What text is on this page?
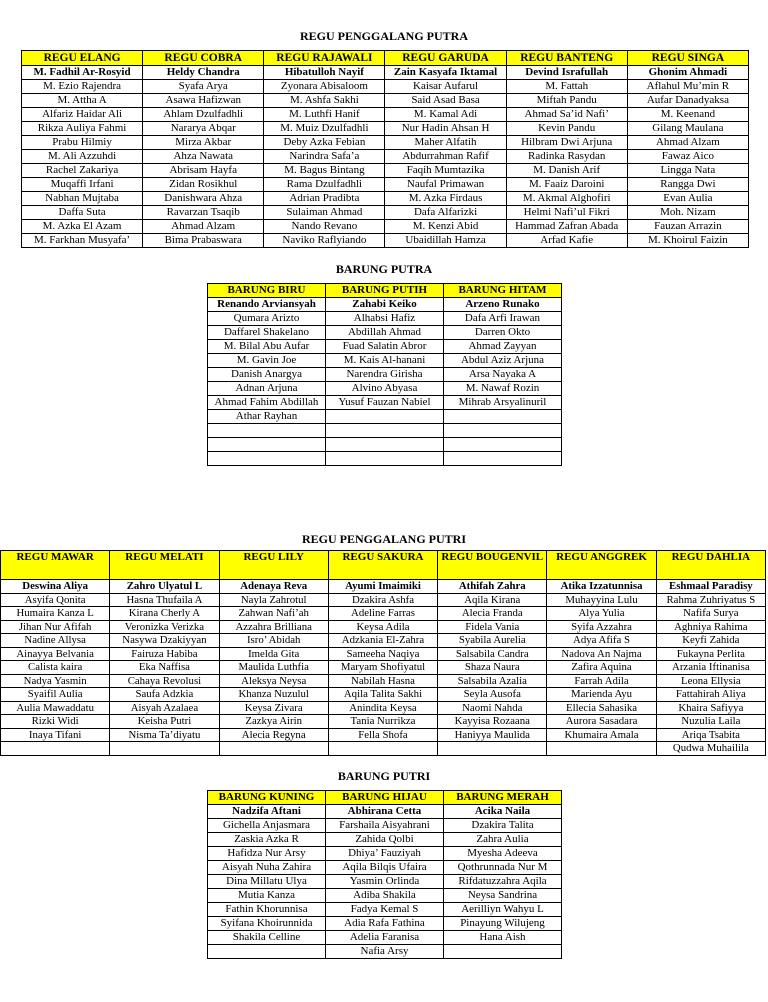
REGU PENGGALANG PUTRA
REGU ELANG	REGU COBRA	REGU RAJAWALI	REGU GARUDA	REGU BANTENG	REGU SINGA
M. Fadhil Ar-Rosyid	Heldy Chandra	Hibatulloh Nayif	Zain Kasyafa Iktamal	Devind Israfullah	Ghonim Ahmadi
M. Ezio Rajendra	Syafa Arya	Zyonara Abisaloom	Kaisar Aufarul	M. Fattah	Aflahul Mu’min R
M. Attha A	Asawa Hafizwan	M. Ashfa Sakhi	Said Asad Basa	Miftah Pandu	Aufar Danadyaksa
Alfariz Haidar Ali	Ahlam Dzulfadhli	M. Luthfi Hanif	M. Kamal Adi	Ahmad Sa’id Nafi’	M. Keenand
Rikza Auliya Fahmi	Nararya Abqar	M. Muiz Dzulfadhli	Nur Hadin Ahsan H	Kevin Pandu	Gilang Maulana
Prabu Hilmiy	Mirza Akbar	Deby Azka Febian	Maher Alfatih	Hilbram Dwi Arjuna	Ahmad Alzam
M. Ali Azzuhdi	Ahza Nawata	Narindra Safa’a	Abdurrahman Rafif	Radinka Rasydan	Fawaz Aico
Rachel Zakariya	Abrisam Hayfa	M. Bagus Bintang	Faqih Mumtazika	M. Danish Arif	Lingga Nata
Muqaffi Irfani	Zidan Rosikhul	Rama Dzulfadhli	Naufal Primawan	M. Faaiz Daroini	Rangga Dwi
Nabhan Mujtaba	Danishwara Ahza	Adrian Pradibta	M. Azka Firdaus	M. Akmal Alghofiri	Evan Aulia
Daffa Suta	Ravarzan Tsaqib	Sulaiman Ahmad	Dafa Alfarizki	Helmi Nafi’ul Fikri	Moh. Nizam
M. Azka El Azam	Ahmad Alzam	Nando Revano	M. Kenzi Abid	Hammad Zafran Abada	Fauzan Arrazin
M. Farkhan Musyafa’	Bima Prabaswara	Naviko Raflyiando	Ubaidillah Hamza	Arfad Kafie	M. Khoirul Faizin
BARUNG PUTRA
BARUNG BIRU	BARUNG PUTIH	BARUNG HITAM
Renando Arviansyah	Zahabi Keiko	Arzeno Runako
Qumara Arizto	Alhabsi Hafiz	Dafa Arfi Irawan
Daffarel Shakelano	Abdillah Ahmad	Darren Okto
M. Bilal Abu Aufar	Fuad Salatin Abror	Ahmad Zayyan
M. Gavin Joe	M. Kais Al-hanani	Abdul Aziz Arjuna
Danish Anargya	Narendra Girisha	Arsa Nayaka A
Adnan Arjuna	Alvino Abyasa	M. Nawaf Rozin
Ahmad Fahim Abdillah	Yusuf Fauzan Nabiel	Mihrab Arsyalinuril
Athar Rayhan		

REGU PENGGALANG PUTRI
REGU MAWAR	REGU MELATI	REGU LILY	REGU SAKURA	REGU BOUGENVIL	REGU ANGGREK	REGU DAHLIA
Deswina Aliya	Zahro Ulyatul L	Adenaya Reva	Ayumi Imaimiki	Athifah Zahra	Atika Izzatunnisa	Eshmaal Paradisy
Asyifa Qonita	Hasna Thufaila A	Nayla Zahrotul	Dzakira Ashfa	Aqila Kirana	Muhayyina Lulu	Rahma Zuhriyatus S
Humaira Kanza L	Kirana Cherly A	Zahwan Nafi’ah	Adeline Farras	Alecia Franda	Alya Yulia	Nafifa Surya
Jihan Nur Afifah	Veronizka Verizka	Azzahra Brilliana	Keysa Adila	Fidela Vania	Syifa Azzahra	Aghniya Rahima
Nadine Allysa	Nasywa Dzakiyyan	Isro’ Abidah	Adzkania El-Zahra	Syabila Aurelia	Adya Afifa S	Keyfi Zahida
Ainayya Belvania	Fairuza Habiba	Imelda Gita	Sameeha Naqiya	Salsabila Candra	Nadova An Najma	Fukayna Perlita
Calista kaira	Eka Naffisa	Maulida Luthfia	Maryam Shofiyatul	Shaza Naura	Zafira Aquina	Arzania Iftinanisa
Nadya Yasmin	Cahaya Revolusi	Aleksya Neysa	Nabilah Hasna	Salsabila Azalia	Farrah Adila	Leona Ellysia
Syaifil Aulia	Saufa Adzkia	Khanza Nuzulul	Aqila Talita Sakhi	Seyla Ausofa	Marienda Ayu	Fattahirah Aliya
Aulia Mawaddatu	Aisyah Azalaea	Keysa Zivara	Anindita Keysa	Naomi Nahda	Ellecia Sahasika	Khaira Safiyya
Rizki Widi	Keisha Putri	Zazkya Airin	Tania Nurrikza	Kayyisa Rozaana	Aurora Sasadara	Nuzulia Laila
Inaya Tifani	Nisma Ta’diyatu	Alecia Regyna	Fella Shofa	Haniyya Maulida	Khumaira Amala	Ariqa Tsabita
						Qudwa Muhailila
BARUNG PUTRI
BARUNG KUNING	BARUNG HIJAU	BARUNG MERAH
Nadzifa Aftani	Abhirana Cetta	Acika Naila
Gichella Anjasmara	Farshaila Aisyahrani	Dzakira Talita
Zaskia Azka R	Zahida Qolbi	Zahra Aulia
Hafidza Nur Arsy	Dhiya’ Fauziyah	Myesha Adeeva
Aisyah Nuha Zahira	Aqila Bilqis Ufaira	Qothrunnada Nur M
Dina Millatu Ulya	Yasmin Orlinda	Rifdatuzzahra Aqila
Mutia Kanza	Adiba Shakila	Neysa Sandrina
Fathin Khorunnisa	Fadya Kemal S	Aerilliyn Wahyu L
Syifana Khoirunnida	Adia Rafa Fathina	Pinayung Wilujeng
Shakila Celline	Adelia Faranisa	Hana Aish
	Nafia Arsy	
